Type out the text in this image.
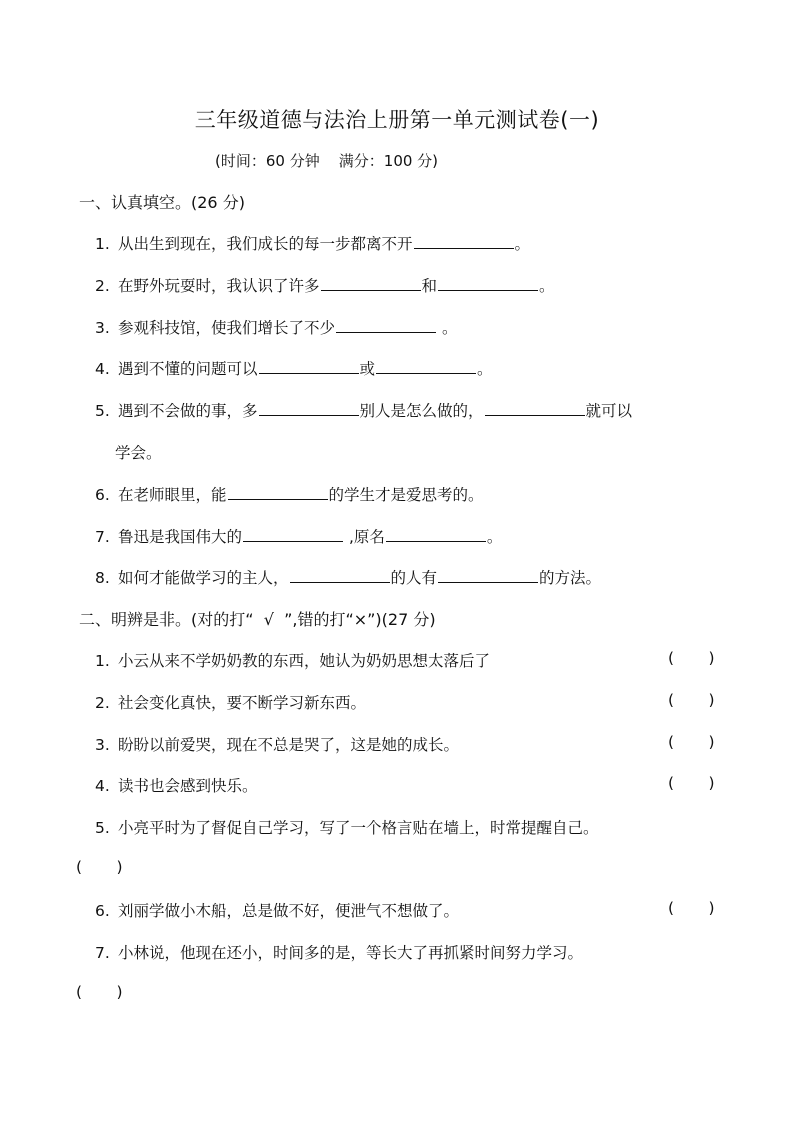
三年级道德与法治上册第一单元测试卷(一)
(时间：60 分钟    满分：100 分)
一、认真填空。(26 分)
1. 从出生到现在，我们成长的每一步都离不开	。
2. 在野外玩耍时，我认识了许多	和	。
3. 参观科技馆，使我们增长了不少	。
4. 遇到不懂的问题可以	或	。
5. 遇到不会做的事，多	别人是怎么做的，	就可以
学会。
6. 在老师眼里，能	的学生才是爱思考的。
7. 鲁迅是我国伟大的	,原名	。
8. 如何才能做学习的主人，	的人有	的方法。
二、明辨是非。(对的打“  √  ”,错的打“×”)(27 分)
1. 小云从来不学奶奶教的东西，她认为奶奶思想太落后了	(       )
2. 社会变化真快，要不断学习新东西。	(       )
3. 盼盼以前爱哭，现在不总是哭了，这是她的成长。	(       )
4. 读书也会感到快乐。	(       )
5. 小亮平时为了督促自己学习，写了一个格言贴在墙上，时常提醒自己。
(       )
6. 刘丽学做小木船，总是做不好，便泄气不想做了。	(       )
7. 小林说，他现在还小，时间多的是，等长大了再抓紧时间努力学习。
(       )
